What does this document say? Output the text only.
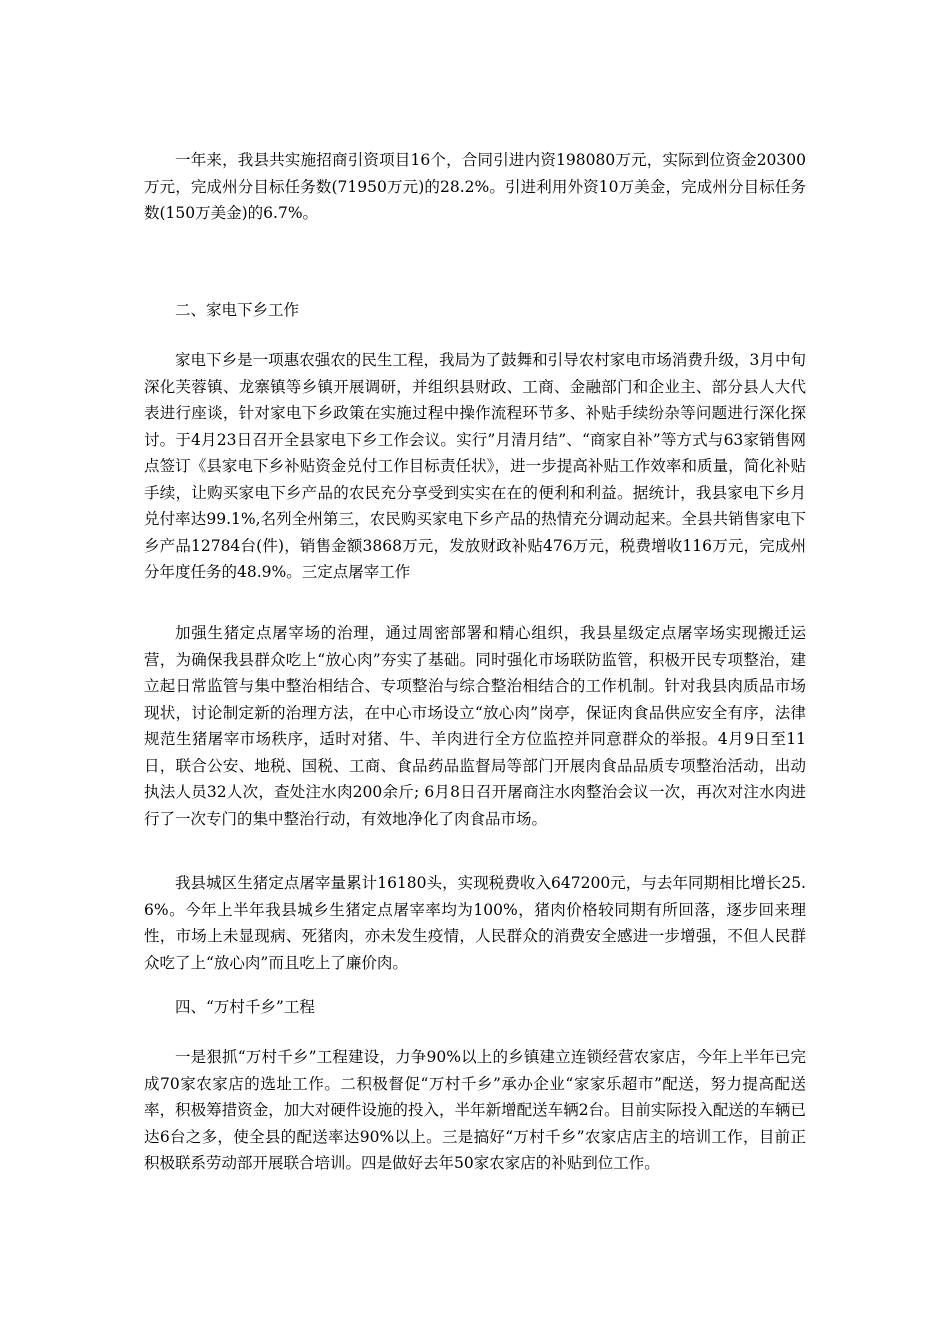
一年来，我县共实施招商引资项目16个，合同引进内资198080万元，实际到位资金20300万元，完成州分目标任务数(71950万元)的28.2%。引进利用外资10万美金，完成州分目标任务数(150万美金)的6.7%。

二、家电下乡工作

家电下乡是一项惠农强农的民生工程，我局为了鼓舞和引导农村家电市场消费升级，3月中旬深化芙蓉镇、龙寨镇等乡镇开展调研，并组织县财政、工商、金融部门和企业主、部分县人大代表进行座谈，针对家电下乡政策在实施过程中操作流程环节多、补贴手续纷杂等问题进行深化探讨。于4月23日召开全县家电下乡工作会议。实行”月清月结”、“商家自补”等方式与63家销售网点签订《县家电下乡补贴资金兑付工作目标责任状》，进一步提高补贴工作效率和质量，简化补贴手续，让购买家电下乡产品的农民充分享受到实实在在的便利和利益。据统计，我县家电下乡月兑付率达99.1%,名列全州第三，农民购买家电下乡产品的热情充分调动起来。全县共销售家电下乡产品12784台(件)，销售金额3868万元，发放财政补贴476万元，税费增收116万元，完成州分年度任务的48.9%。三定点屠宰工作

加强生猪定点屠宰场的治理，通过周密部署和精心组织，我县星级定点屠宰场实现搬迁运营，为确保我县群众吃上“放心肉”夯实了基础。同时强化市场联防监管，积极开民专项整治，建立起日常监管与集中整治相结合、专项整治与综合整治相结合的工作机制。针对我县肉质品市场现状，讨论制定新的治理方法，在中心市场设立“放心肉”岗亭，保证肉食品供应安全有序，法律规范生猪屠宰市场秩序，适时对猪、牛、羊肉进行全方位监控并同意群众的举报。4月9日至11日，联合公安、地税、国税、工商、食品药品监督局等部门开展肉食品品质专项整治活动，出动执法人员32人次，查处注水肉200余斤; 6月8日召开屠商注水肉整治会议一次，再次对注水肉进行了一次专门的集中整治行动，有效地净化了肉食品市场。

我县城区生猪定点屠宰量累计16180头，实现税费收入647200元，与去年同期相比增长25.6%。今年上半年我县城乡生猪定点屠宰率均为100%，猪肉价格较同期有所回落，逐步回来理性，市场上未显现病、死猪肉，亦未发生疫情，人民群众的消费安全感进一步增强，不但人民群众吃了上“放心肉”而且吃上了廉价肉。

四、“万村千乡”工程

一是狠抓“万村千乡”工程建设，力争90%以上的乡镇建立连锁经营农家店，今年上半年已完成70家农家店的选址工作。二积极督促“万村千乡”承办企业“家家乐超市”配送，努力提高配送率，积极筹措资金，加大对硬件设施的投入，半年新增配送车辆2台。目前实际投入配送的车辆已达6台之多，使全县的配送率达90%以上。三是搞好“万村千乡”农家店店主的培训工作，目前正积极联系劳动部开展联合培训。四是做好去年50家农家店的补贴到位工作。
